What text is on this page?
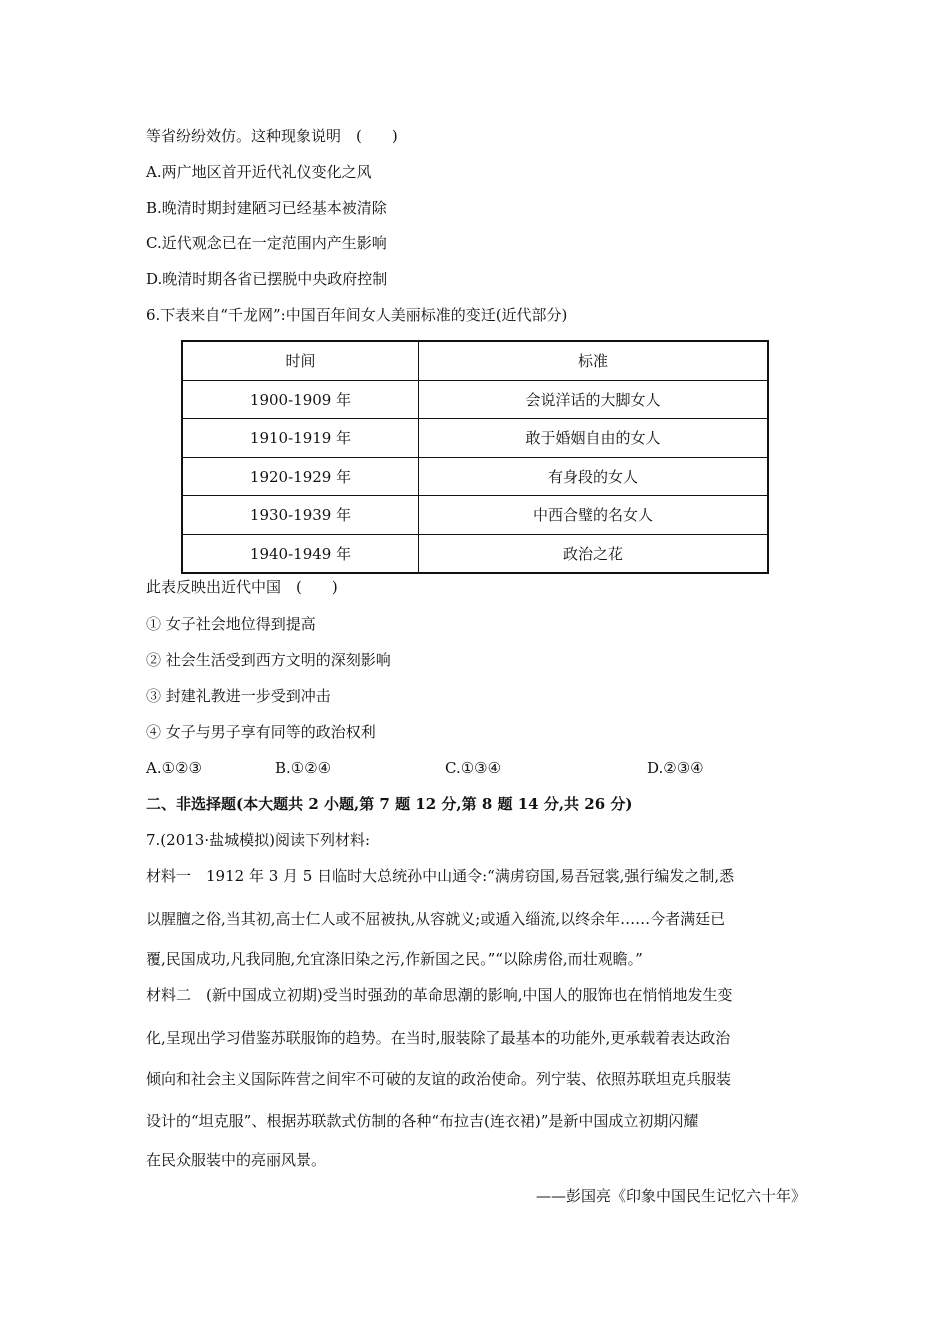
等省纷纷效仿。这种现象说明　(　　)
A.两广地区首开近代礼仪变化之风
B.晚清时期封建陋习已经基本被清除
C.近代观念已在一定范围内产生影响
D.晚清时期各省已摆脱中央政府控制
6.下表来自“千龙网”:中国百年间女人美丽标准的变迁(近代部分)
时间	标准
1900-1909 年	会说洋话的大脚女人
1910-1919 年	敢于婚姻自由的女人
1920-1929 年	有身段的女人
1930-1939 年	中西合璧的名女人
1940-1949 年	政治之花
此表反映出近代中国　(　　)
① 女子社会地位得到提高
② 社会生活受到西方文明的深刻影响
③ 封建礼教进一步受到冲击
④ 女子与男子享有同等的政治权利
A.①②③	B.①②④	C.①③④	D.②③④
二、非选择题(本大题共 2 小题,第 7 题 12 分,第 8 题 14 分,共 26 分)
7.(2013·盐城模拟)阅读下列材料:
材料一　1912 年 3 月 5 日临时大总统孙中山通令:“满虏窃国,易吾冠裳,强行编发之制,悉
以腥膻之俗,当其初,高士仁人或不屈被执,从容就义;或遁入缁流,以终余年……今者满廷已
覆,民国成功,凡我同胞,允宜涤旧染之污,作新国之民。”“以除虏俗,而壮观瞻。”
材料二　(新中国成立初期)受当时强劲的革命思潮的影响,中国人的服饰也在悄悄地发生变
化,呈现出学习借鉴苏联服饰的趋势。在当时,服装除了最基本的功能外,更承载着表达政治
倾向和社会主义国际阵营之间牢不可破的友谊的政治使命。列宁装、依照苏联坦克兵服装
设计的“坦克服”、根据苏联款式仿制的各种“布拉吉(连衣裙)”是新中国成立初期闪耀
在民众服装中的亮丽风景。
——彭国亮《印象中国民生记忆六十年》
